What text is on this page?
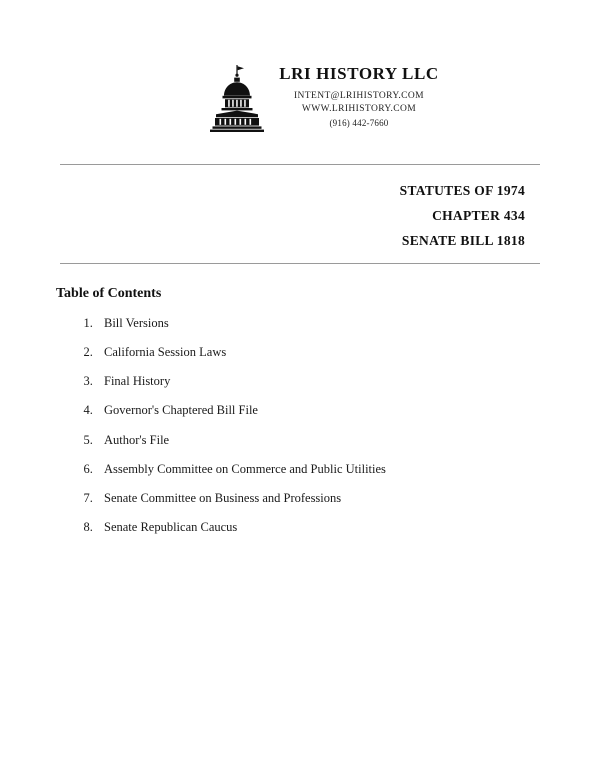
LRI HISTORY LLC
INTENT@LRIHISTORY.COM
WWW.LRIHISTORY.COM
(916) 442-7660
STATUTES OF 1974
CHAPTER 434
SENATE BILL 1818
Table of Contents
1. Bill Versions
2. California Session Laws
3. Final History
4. Governor's Chaptered Bill File
5. Author's File
6. Assembly Committee on Commerce and Public Utilities
7. Senate Committee on Business and Professions
8. Senate Republican Caucus
